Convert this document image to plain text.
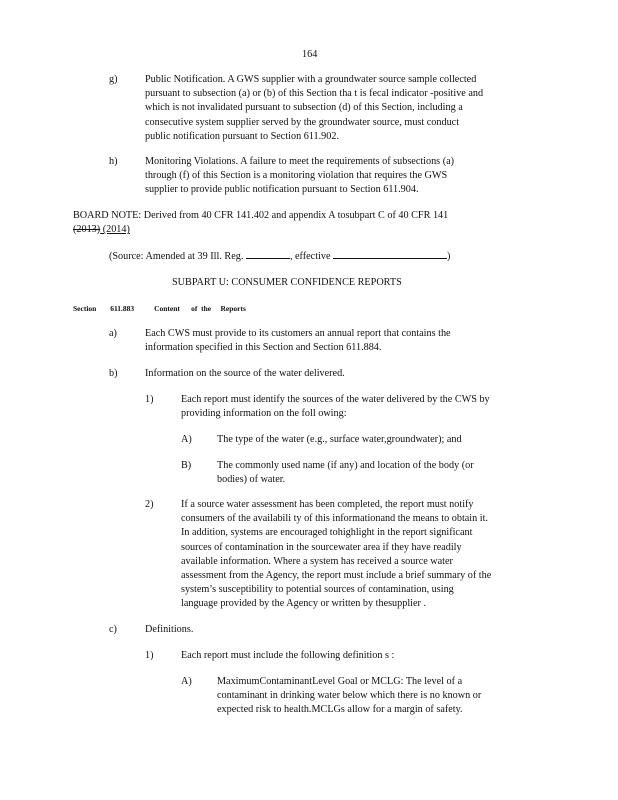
164
g)	Public Notification. A GWS supplier with a groundwater source sample collected
pursuant to subsection (a) or (b) of this Section tha t is fecal indicator -positive and
which is not invalidated pursuant to subsection (d) of this Section, including a
consecutive system supplier served by the groundwater source, must conduct
public notification pursuant to Section 611.902.
h)	Monitoring Violations. A failure to meet the requirements of subsections (a)
through (f) of this Section is a monitoring violation that requires the GWS
supplier to provide public notification pursuant to Section 611.904.
BOARD NOTE: Derived from 40 CFR 141.402 and appendix A tosubpart C of 40 CFR 141
(2013) (2014)
(Source: Amended at 39 Ill. Reg.	, effective	)
SUBPART U: CONSUMER CONFIDENCE REPORTS
Section 611.883	Content      of  the     Reports
a)	Each CWS must provide to its customers an annual report that contains the
information specified in this Section and Section 611.884.
b)	Information on the source of the water delivered.
1)	Each report must identify the sources of the water delivered by the CWS by
providing information on the foll owing:
A) The type of the water (e.g., surface water,groundwater); and
B)	The commonly used name (if any) and location of the body (or
bodies) of water.
2)	If a source water assessment has been completed, the report must notify
consumers of the availabili ty of this informationand the means to obtain it.
In addition, systems are encouraged tohighlight in the report significant
sources of contamination in the sourcewater area if they have readily
available information. Where a system has received a source water
assessment from the Agency, the report must include a brief summary of the
system’s susceptibility to potential sources of contamination, using
language provided by the Agency or written by thesupplier .
c)	Definitions.
1)	Each report must include the following definition s :
A) MaximumContaminantLevel Goal or MCLG: The level of a
contaminant in drinking water below which there is no known or
expected risk to health.MCLGs allow for a margin of safety.
